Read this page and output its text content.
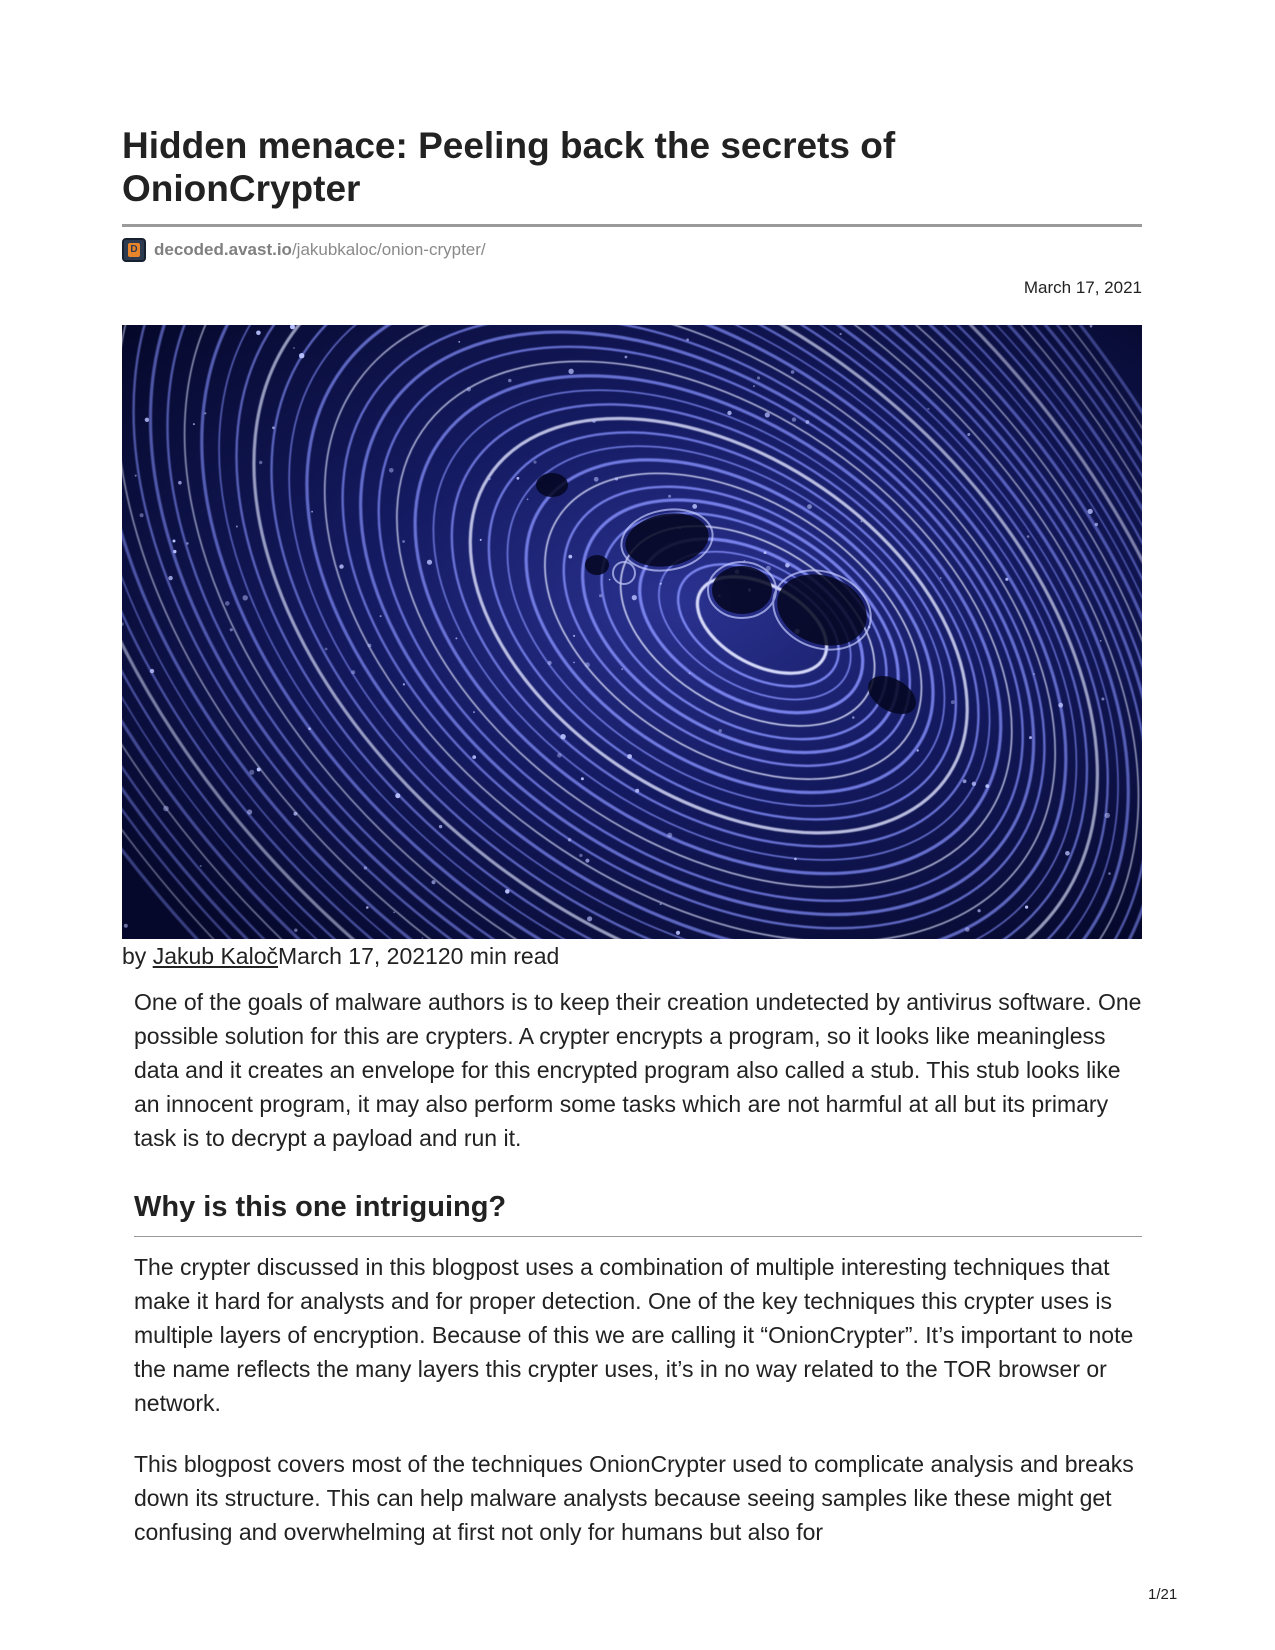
Hidden menace: Peeling back the secrets of OnionCrypter
D decoded.avast.io /jakubkaloc/onion-crypter/
March 17, 2021
by Jakub KaločMarch 17, 202120 min read

One of the goals of malware authors is to keep their creation undetected by antivirus software. One possible solution for this are crypters. A crypter encrypts a program, so it looks like meaningless data and it creates an envelope for this encrypted program also called a stub. This stub looks like an innocent program, it may also perform some tasks which are not harmful at all but its primary task is to decrypt a payload and run it.

Why is this one intriguing?

The crypter discussed in this blogpost uses a combination of multiple interesting techniques that make it hard for analysts and for proper detection. One of the key techniques this crypter uses is multiple layers of encryption. Because of this we are calling it “OnionCrypter”. It’s important to note the name reflects the many layers this crypter uses, it’s in no way related to the TOR browser or network.

This blogpost covers most of the techniques OnionCrypter used to complicate analysis and breaks down its structure. This can help malware analysts because seeing samples like these might get confusing and overwhelming at first not only for humans but also for

1/21
